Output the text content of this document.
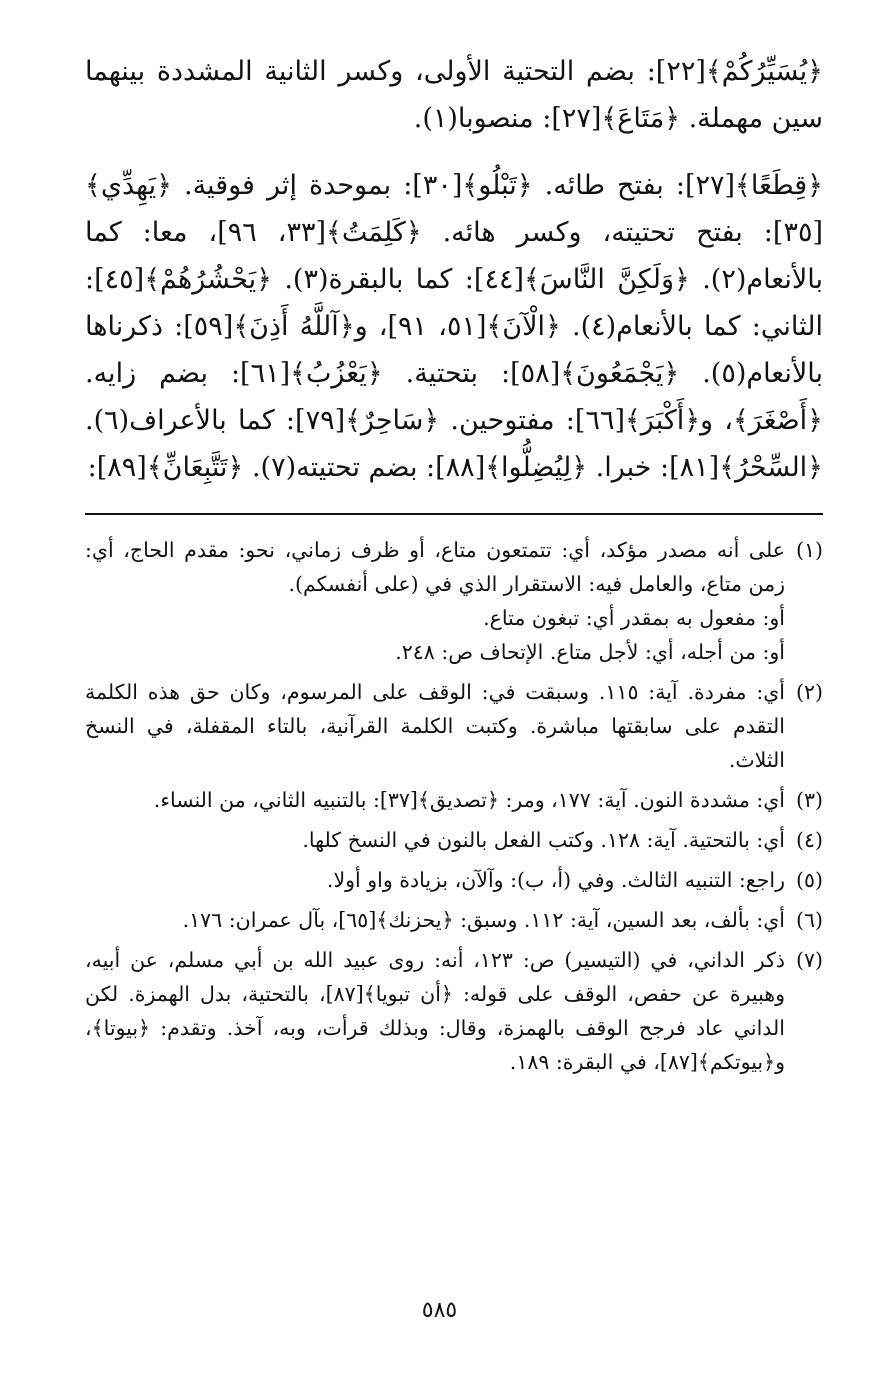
﴿يُسَيِّرُكُمْ﴾[٢٢]: بضم التحتية الأولى، وكسر الثانية المشددة بينهما سين مهملة. ﴿مَتَاعَ﴾[٢٧]: منصوبا(١).

﴿قِطَعًا﴾[٢٧]: بفتح طائه. ﴿تَبْلُو﴾[٣٠]: بموحدة إثر فوقية. ﴿يَهِدِّي﴾[٣٥]: بفتح تحتيته، وكسر هائه. ﴿كَلِمَتُ﴾[٣٣، ٩٦]، معا: كما بالأنعام(٢). ﴿وَلَكِنَّ النَّاسَ﴾[٤٤]: كما بالبقرة(٣). ﴿يَحْشُرُهُمْ﴾[٤٥]: الثاني: كما بالأنعام(٤). ﴿الْآنَ﴾[٥١، ٩١]، و﴿آللَّهُ أَذِنَ﴾[٥٩]: ذكرناها بالأنعام(٥). ﴿يَجْمَعُونَ﴾[٥٨]: بتحتية. ﴿يَعْزُبُ﴾[٦١]: بضم زايه. ﴿أَصْغَرَ﴾، و﴿أَكْبَرَ﴾[٦٦]: مفتوحين. ﴿سَاحِرٌ﴾[٧٩]: كما بالأعراف(٦). ﴿السِّحْرُ﴾[٨١]: خبرا. ﴿لِيُضِلُّوا﴾[٨٨]: بضم تحتيته(٧). ﴿تَتَّبِعَانِّ﴾[٨٩]:

(١)
على أنه مصدر مؤكد، أي: تتمتعون متاع، أو ظرف زماني، نحو: مقدم الحاج، أي: زمن متاع، والعامل فيه: الاستقرار الذي في (على أنفسكم).
أو: مفعول به بمقدر أي: تبغون متاع.
أو: من أجله، أي: لأجل متاع. الإتحاف ص: ٢٤٨.
(٢)
أي: مفردة. آية: ١١٥. وسبقت في: الوقف على المرسوم، وكان حق هذه الكلمة التقدم على سابقتها مباشرة. وكتبت الكلمة القرآنية، بالتاء المقفلة، في النسخ الثلاث.
(٣)
أي: مشددة النون. آية: ١٧٧، ومر: ﴿تصديق﴾[٣٧]: بالتنبيه الثاني، من النساء.
(٤)
أي: بالتحتية. آية: ١٢٨. وكتب الفعل بالنون في النسخ كلها.
(٥)
راجع: التنبيه الثالث. وفي (أ، ب): وآلآن، بزيادة واو أولا.
(٦)
أي: بألف، بعد السين، آية: ١١٢. وسبق: ﴿يحزنك﴾[٦٥]، بآل عمران: ١٧٦.
(٧)
ذكر الداني، في (التيسير) ص: ١٢٣، أنه: روى عبيد الله بن أبي مسلم، عن أبيه، وهبيرة عن حفص، الوقف على قوله: ﴿أن تبويا﴾[٨٧]، بالتحتية، بدل الهمزة. لكن الداني عاد فرجح الوقف بالهمزة، وقال: وبذلك قرأت، وبه، آخذ. وتقدم: ﴿بيوتا﴾، و﴿بيوتكم﴾[٨٧]، في البقرة: ١٨٩.
٥٨٥
